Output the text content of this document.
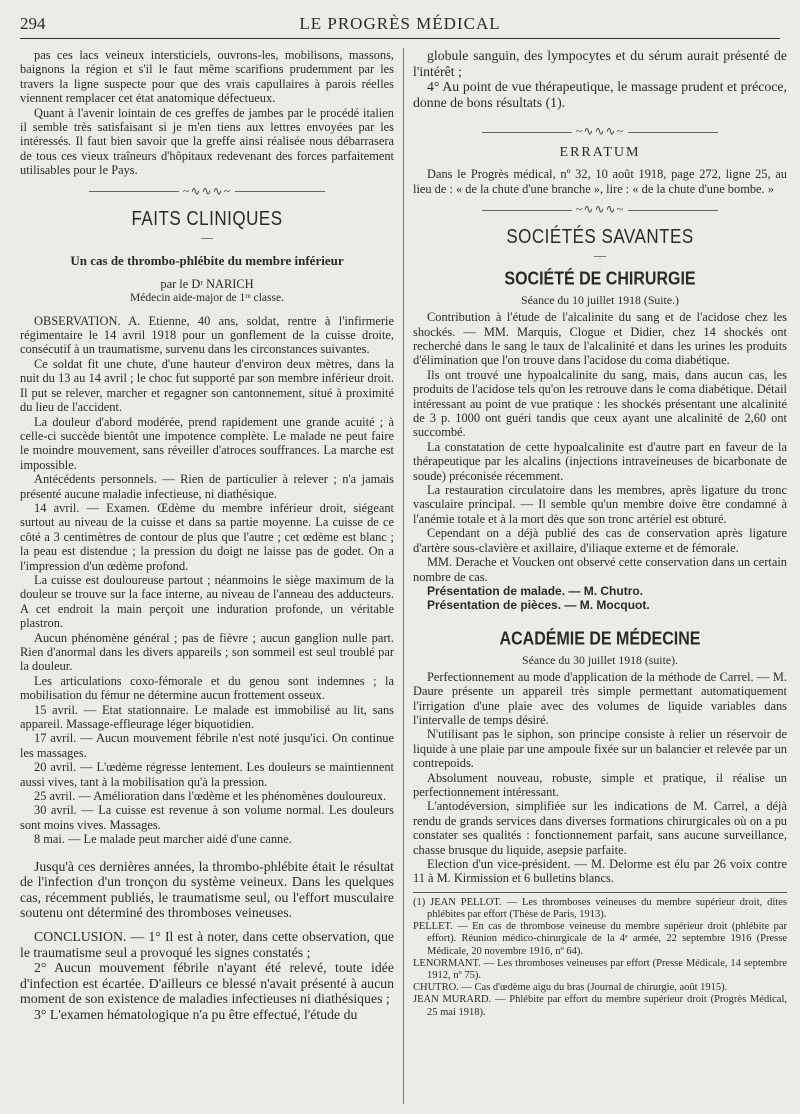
294	LE PROGRÈS MÉDICAL

pas ces lacs veineux intersticiels, ouvrons-les, mobilisons, massons, baignons la région et s'il le faut même scarifions prudemment par les travers la ligne suspecte pour que des vrais capullaires à parois réelles viennent remplacer cet état anatomique défectueux.

Quant à l'avenir lointain de ces greffes de jambes par le procédé italien il semble très satisfaisant si je m'en tiens aux lettres envoyées par les intéressés. Il faut bien savoir que la greffe ainsi réalisée nous débarrasera de tous ces vieux traîneurs d'hôpitaux redevenant des forces parfaitement utilisables pour le Pays.

~∿∿∿~
FAITS CLINIQUES
—
Un cas de thrombo-phlébite du membre inférieur
par le Dʳ NARICH
Médecin aide-major de 1ʳᵉ classe.

OBSERVATION. A. Etienne, 40 ans, soldat, rentre à l'infirmerie régimentaire le 14 avril 1918 pour un gonflement de la cuisse droite, consécutif à un traumatisme, survenu dans les circonstances suivantes.

Ce soldat fit une chute, d'une hauteur d'environ deux mètres, dans la nuit du 13 au 14 avril ; le choc fut supporté par son membre inférieur droit. Il put se relever, marcher et regagner son cantonnement, situé à proximité du lieu de l'accident.

La douleur d'abord modérée, prend rapidement une grande acuité ; à celle-ci succède bientôt une impotence complète. Le malade ne peut faire le moindre mouvement, sans réveiller d'atroces souffrances. La marche est impossible.

Antécédents personnels. — Rien de particulier à relever ; n'a jamais présenté aucune maladie infectieuse, ni diathésique.

14 avril. — Examen. Œdème du membre inférieur droit, siégeant surtout au niveau de la cuisse et dans sa partie moyenne. La cuisse de ce côté a 3 centimètres de contour de plus que l'autre ; cet œdème est blanc ; la peau est distendue ; la pression du doigt ne laisse pas de godet. On a l'impression d'un œdème profond.

La cuisse est douloureuse partout ; néanmoins le siège maximum de la douleur se trouve sur la face interne, au niveau de l'anneau des adducteurs. A cet endroit la main perçoit une induration profonde, un véritable plastron.

Aucun phénomène général ; pas de fièvre ; aucun ganglion nulle part. Rien d'anormal dans les divers appareils ; son sommeil est seul troublé par la douleur.

Les articulations coxo-fémorale et du genou sont indemnes ; la mobilisation du fémur ne détermine aucun frottement osseux.

15 avril. — Etat stationnaire. Le malade est immobilisé au lit, sans appareil. Massage-effleurage léger biquotidien.

17 avril. — Aucun mouvement fébrile n'est noté jusqu'ici. On continue les massages.

20 avril. — L'œdème régresse lentement. Les douleurs se maintiennent aussi vives, tant à la mobilisation qu'à la pression.

25 avril. — Amélioration dans l'œdème et les phénomènes douloureux.

30 avril. — La cuisse est revenue à son volume normal. Les douleurs sont moins vives. Massages.

8 mai. — Le malade peut marcher aidé d'une canne.

Jusqu'à ces dernières années, la thrombo-phlébite était le résultat de l'infection d'un tronçon du système veineux. Dans les quelques cas, récemment publiés, le traumatisme seul, ou l'effort musculaire soutenu ont déterminé des thromboses veineuses.

CONCLUSION. — 1° Il est à noter, dans cette observation, que le traumatisme seul a provoqué les signes constatés ;

2° Aucun mouvement fébrile n'ayant été relevé, toute idée d'infection est écartée. D'ailleurs ce blessé n'avait présenté à aucun moment de son existence de maladies infectieuses ni diathésiques ;

3° L'examen hématologique n'a pu être effectué, l'étude du

globule sanguin, des lympocytes et du sérum aurait présenté de l'intérêt ;

4° Au point de vue thérapeutique, le massage prudent et précoce, donne de bons résultats (1).

~∿∿∿~
ERRATUM

Dans le Progrès médical, nº 32, 10 août 1918, page 272, ligne 25, au lieu de : « de la chute d'une branche », lire : « de la chute d'une bombe. »

~∿∿∿~
SOCIÉTÉS SAVANTES
—
SOCIÉTÉ DE CHIRURGIE
Séance du 10 juillet 1918 (Suite.)

Contribution à l'étude de l'alcalinite du sang et de l'acidose chez les shockés. — MM. Marquis, Clogue et Didier, chez 14 shockés ont recherché dans le sang le taux de l'alcalinité et dans les urines les produits d'élimination que l'on trouve dans l'acidose du coma diabétique.

Ils ont trouvé une hypoalcalinite du sang, mais, dans aucun cas, les produits de l'acidose tels qu'on les retrouve dans le coma diabétique. Détail intéressant au point de vue pratique : les shockés présentant une alcalinité de 3 p. 1000 ont guéri tandis que ceux ayant une alcalinité de 2,60 ont succombé.

La constatation de cette hypoalcalinite est d'autre part en faveur de la thérapeutique par les alcalins (injections intraveineuses de bicarbonate de soude) préconisée récemment.

La restauration circulatoire dans les membres, après ligature du tronc vasculaire principal. — Il semble qu'un membre doive être condamné à l'anémie totale et à la mort dès que son tronc artériel est obturé.

Cependant on a déjà publié des cas de conservation après ligature d'artère sous-clavière et axillaire, d'iliaque externe et de fémorale.

MM. Derache et Voucken ont observé cette conservation dans un certain nombre de cas.

Présentation de malade. — M. Chutro.

Présentation de pièces. — M. Mocquot.

ACADÉMIE DE MÉDECINE
Séance du 30 juillet 1918 (suite).

Perfectionnement au mode d'application de la méthode de Carrel. — M. Daure présente un appareil très simple permettant automatiquement l'irrigation d'une plaie avec des volumes de liquide variables dans l'intervalle de temps désiré.

N'utilisant pas le siphon, son principe consiste à relier un réservoir de liquide à une plaie par une ampoule fixée sur un balancier et relevée par un contrepoids.

Absolument nouveau, robuste, simple et pratique, il réalise un perfectionnement intéressant.

L'antodéversion, simplifiée sur les indications de M. Carrel, a déjà rendu de grands services dans diverses formations chirurgicales où on a pu constater ses qualités : fonctionnement parfait, sans aucune surveillance, chasse brusque du liquide, asepsie parfaite.

Election d'un vice-président. — M. Delorme est élu par 26 voix contre 11 à M. Kirmission et 6 bulletins blancs.

(1) JEAN PELLOT. — Les thromboses veineuses du membre supérieur droit, dites phlébites par effort (Thèse de Paris, 1913).

PELLET. — En cas de thrombose veineuse du membre supérieur droit (phlébite par effort). Réunion médico-chirurgicale de la 4ᵉ armée, 22 septembre 1916 (Presse Médicale, 20 novembre 1916, nº 64).

LENORMANT. — Les thromboses veineuses par effort (Presse Médicale, 14 septembre 1912, nº 75).

CHUTRO. — Cas d'œdème aigu du bras (Journal de chirurgie, août 1915).

JEAN MURARD. — Phlébite par effort du membre supérieur droit (Progrès Médical, 25 mai 1918).
